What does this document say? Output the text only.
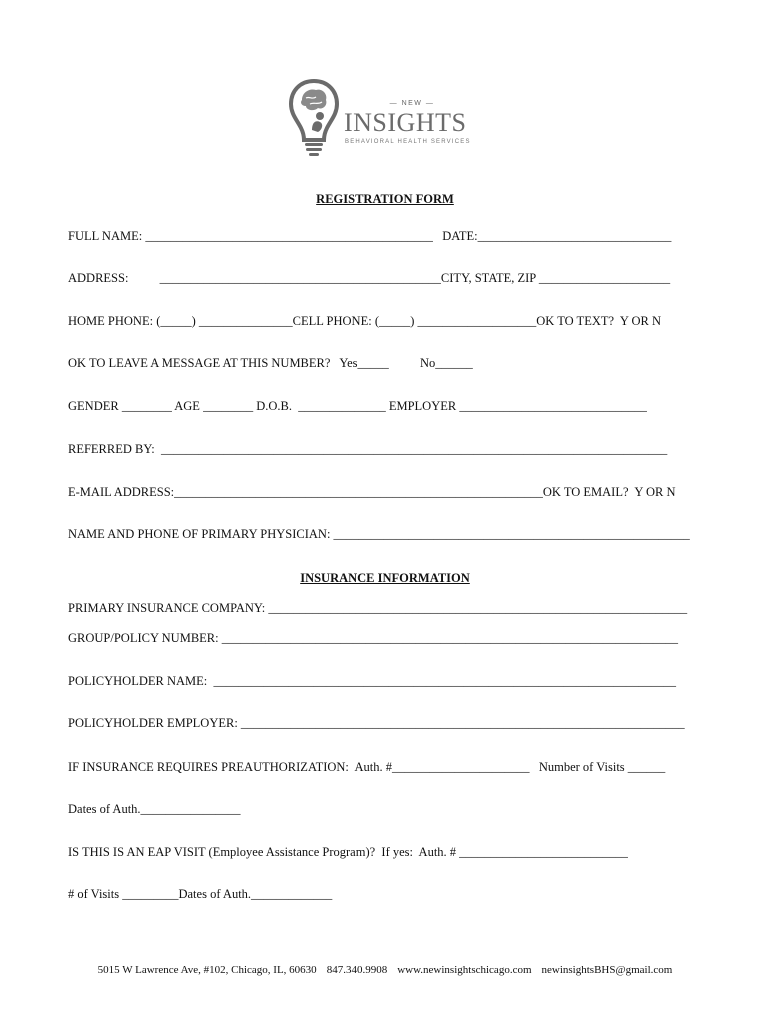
— NEW —
INSIGHTS
BEHAVIORAL HEALTH SERVICES
REGISTRATION FORM
FULL NAME: ______________________________________________   DATE:_______________________________
ADDRESS:          _____________________________________________CITY, STATE, ZIP _____________________
HOME PHONE: (_____) _______________CELL PHONE: (_____) ___________________OK TO TEXT?  Y OR N
OK TO LEAVE A MESSAGE AT THIS NUMBER?   Yes_____          No______
GENDER ________ AGE ________ D.O.B.  ______________ EMPLOYER ______________________________
REFERRED BY:  _________________________________________________________________________________
E-MAIL ADDRESS:___________________________________________________________OK TO EMAIL?  Y OR N
NAME AND PHONE OF PRIMARY PHYSICIAN: _________________________________________________________
INSURANCE INFORMATION
PRIMARY INSURANCE COMPANY: ___________________________________________________________________
GROUP/POLICY NUMBER: _________________________________________________________________________
POLICYHOLDER NAME:  __________________________________________________________________________
POLICYHOLDER EMPLOYER: _______________________________________________________________________
IF INSURANCE REQUIRES PREAUTHORIZATION:  Auth. #______________________   Number of Visits ______
Dates of Auth.________________
IS THIS IS AN EAP VISIT (Employee Assistance Program)?  If yes:  Auth. # ___________________________
# of Visits _________Dates of Auth._____________
5015 W Lawrence Ave, #102, Chicago, IL, 60630 847.340.9908 www.newinsightschicago.com newinsightsBHS@gmail.com
